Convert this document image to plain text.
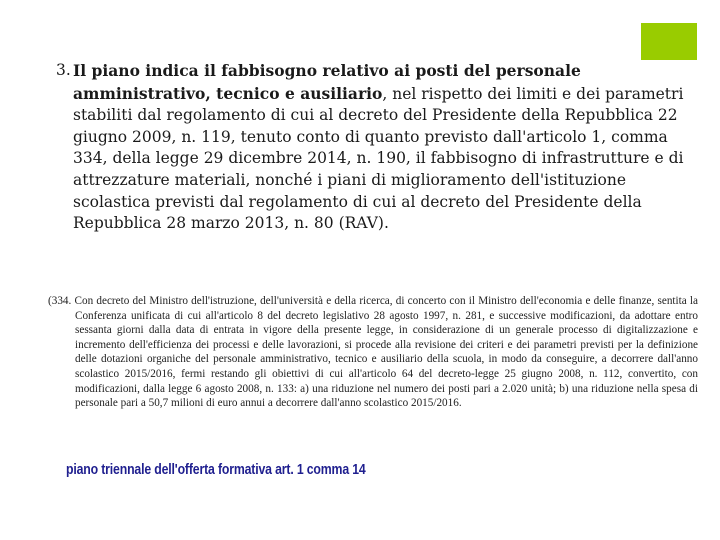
3. Il piano indica il fabbisogno relativo ai posti del personale amministrativo, tecnico e ausiliario, nel rispetto dei limiti e dei parametri stabiliti dal regolamento di cui al decreto del Presidente della Repubblica 22 giugno 2009, n. 119, tenuto conto di quanto previsto dall'articolo 1, comma 334, della legge 29 dicembre 2014, n. 190, il fabbisogno di infrastrutture e di attrezzature materiali, nonché i piani di miglioramento dell'istituzione scolastica previsti dal regolamento di cui al decreto del Presidente della Repubblica 28 marzo 2013, n. 80 (RAV).
(334. Con decreto del Ministro dell'istruzione, dell'università e della ricerca, di concerto con il Ministro dell'economia e delle finanze, sentita la Conferenza unificata di cui all'articolo 8 del decreto legislativo 28 agosto 1997, n. 281, e successive modificazioni, da adottare entro sessanta giorni dalla data di entrata in vigore della presente legge, in considerazione di un generale processo di digitalizzazione e incremento dell'efficienza dei processi e delle lavorazioni, si procede alla revisione dei criteri e dei parametri previsti per la definizione delle dotazioni organiche del personale amministrativo, tecnico e ausiliario della scuola, in modo da conseguire, a decorrere dall'anno scolastico 2015/2016, fermi restando gli obiettivi di cui all'articolo 64 del decreto-legge 25 giugno 2008, n. 112, convertito, con modificazioni, dalla legge 6 agosto 2008, n. 133: a) una riduzione nel numero dei posti pari a 2.020 unità; b) una riduzione nella spesa di personale pari a 50,7 milioni di euro annui a decorrere dall'anno scolastico 2015/2016.
piano triennale dell'offerta formativa art. 1 comma 14
